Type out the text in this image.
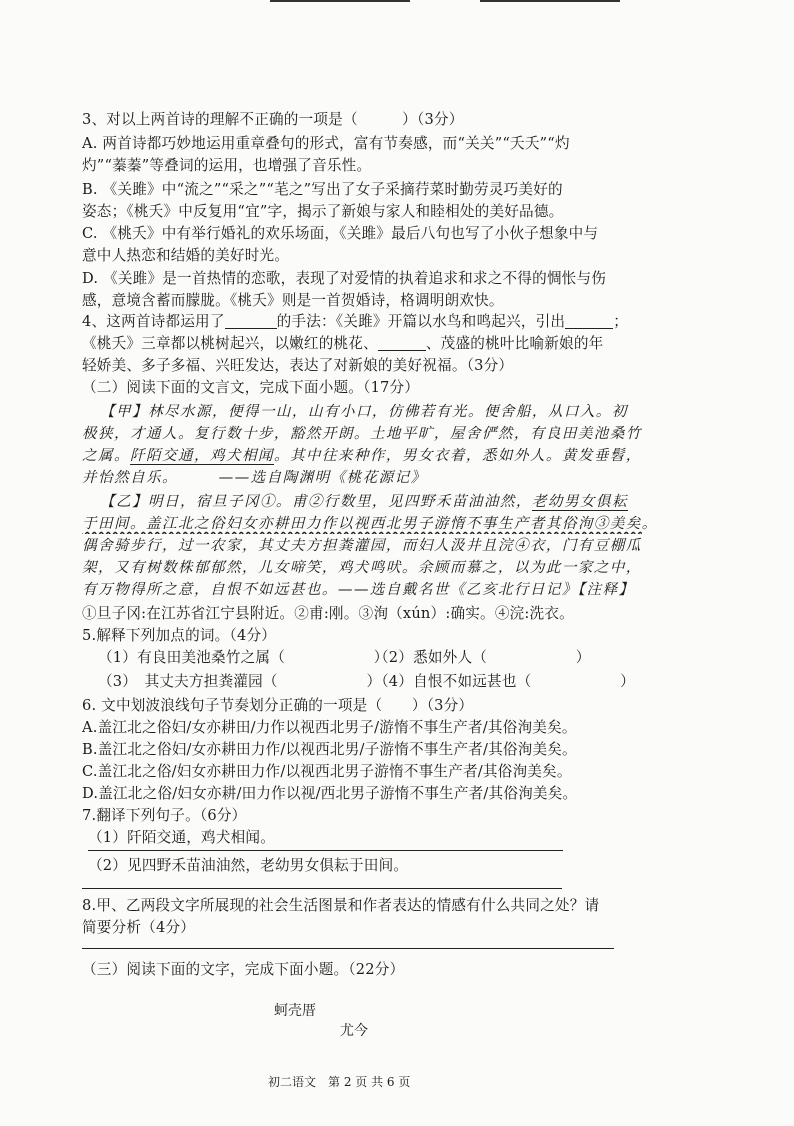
3、对以上两首诗的理解不正确的一项是（　　　）（3分）
A. 两首诗都巧妙地运用重章叠句的形式，富有节奏感，而“关关”“夭夭”“灼
灼”“蓁蓁”等叠词的运用，也增强了音乐性。
B. 《关雎》中“流之”“采之”“芼之”写出了女子采摘荇菜时勤劳灵巧美好的
姿态；《桃夭》中反复用“宜”字，揭示了新娘与家人和睦相处的美好品德。
C. 《桃夭》中有举行婚礼的欢乐场面，《关雎》最后八句也写了小伙子想象中与
意中人热恋和结婚的美好时光。
D. 《关雎》是一首热情的恋歌，表现了对爱情的执着追求和求之不得的惆怅与伤
感，意境含蓄而朦胧。《桃夭》则是一首贺婚诗，格调明朗欢快。
4、这两首诗都运用了	的手法：《关雎》开篇以水鸟和鸣起兴，引出	；
《桃夭》三章都以桃树起兴，以嫩红的桃花、	、茂盛的桃叶比喻新娘的年
轻娇美、多子多福、兴旺发达，表达了对新娘的美好祝福。（3分）
（二）阅读下面的文言文，完成下面小题。（17分）
【甲】林尽水源，便得一山，山有小口，仿佛若有光。便舍船，从口入。初
极狭，才通人。复行数十步，豁然开朗。土地平旷，屋舍俨然，有良田美池桑竹
之属。阡陌交通，鸡犬相闻。其中往来种作，男女衣着，悉如外人。黄发垂髫，
并怡然自乐。　　　——选自陶渊明《桃花源记》
【乙】明日，宿旦子冈①。甫②行数里，见四野禾苗油油然，老幼男女俱耘
于田间。盖江北之俗妇女亦耕田力作以视西北男子游惰不事生产者其俗洵③美矣。
偶舍骑步行，过一农家，其丈夫方担粪灌园，而妇人汲井且浣④衣，门有豆棚瓜
架，又有树数株郁郁然，儿女啼笑，鸡犬鸣吠。余顾而慕之，以为此一家之中，
有万物得所之意，自恨不如远甚也。——选自戴名世《乙亥北行日记》【注释】
①旦子冈:在江苏省江宁县附近。②甫:刚。③洵（xún）:确实。④浣:洗衣。
5.解释下列加点的词。（4分）
（1）有良田美池桑竹之属（　　　　　　）
（2）悉如外人（　　　　　　）
（3）　其丈夫方担粪灌园（　　　　　　）
（4）自恨不如远甚也（　　　　　　）
6. 文中划波浪线句子节奏划分正确的一项是（　　）（3分）
A.盖江北之俗妇/女亦耕田/力作以视西北男子/游惰不事生产者/其俗洵美矣。
B.盖江北之俗妇/女亦耕田力作/以视西北男/子游惰不事生产者/其俗洵美矣。
C.盖江北之俗/妇女亦耕田力作/以视西北男子游惰不事生产者/其俗洵美矣。
D.盖江北之俗/妇女亦耕/田力作以视/西北男子游惰不事生产者/其俗洵美矣。
7.翻译下列句子。（6分）
（1）阡陌交通，鸡犬相闻。
（2）见四野禾苗油油然，老幼男女俱耘于田间。
8.甲、乙两段文字所展现的社会生活图景和作者表达的情感有什么共同之处？请
简要分析（4分）
（三）阅读下面的文字，完成下面小题。（22分）
蚵壳厝
尤今
初二语文　第 2 页 共 6 页
